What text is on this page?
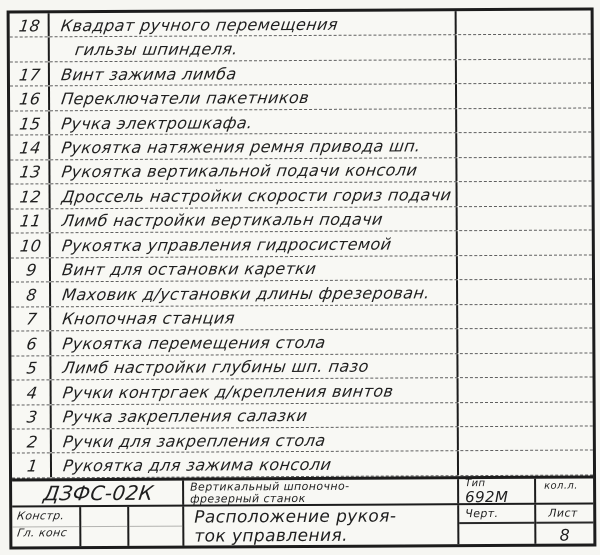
18 Квадрат ручного перемещения
гильзы шпинделя.
17 Винт зажима лимба
16 Переключатели пакетников
15 Ручка электрошкафа.
14 Рукоятка натяжения ремня привода шп.
13 Рукоятка вертикальной подачи консоли
12 Дроссель настройки скорости гориз подачи
11 Лимб настройки вертикальн подачи
10 Рукоятка управления гидросистемой
9 Винт для остановки каретки
8 Маховик д/установки длины фрезерован.
7 Кнопочная станция
6 Рукоятка перемещения стола
5 Лимб настройки глубины шп. пазо
4 Ручки контргаек д/крепления винтов
3 Ручка закрепления салазки
2 Ручки для закрепления стола
1 Рукоятка для зажима консоли
ДЗФС-02К	Вертикальный шпоночно-
фрезерный станок
Тип
692М
кол.л.
Констр.
Гл. конс
Расположение рукоя-
ток управления.
Черт.	Лист
8
